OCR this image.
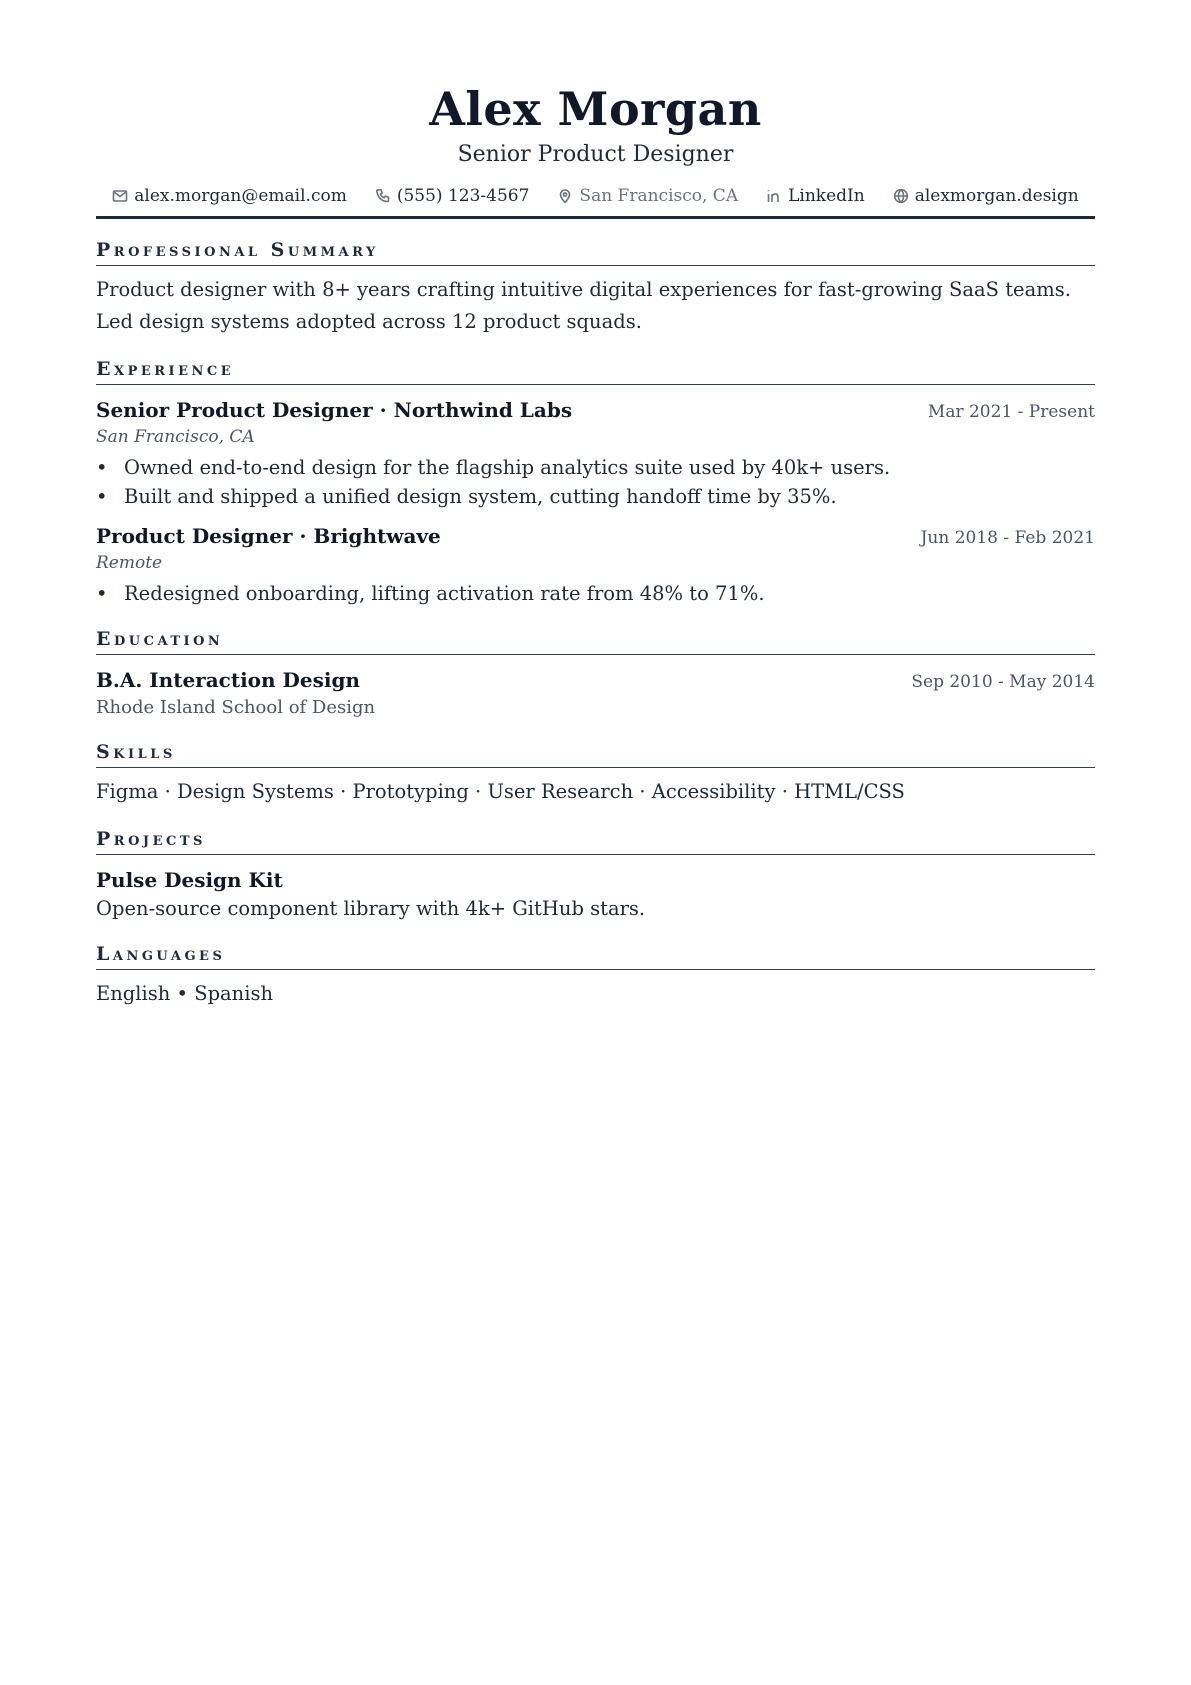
Alex Morgan
Senior Product Designer
alex.morgan@email.com	(555) 123-4567	San Francisco, CA	LinkedIn	alexmorgan.design
Professional Summary
Product designer with 8+ years crafting intuitive digital experiences for fast-growing SaaS teams. Led design systems adopted across 12 product squads.
Experience
Senior Product Designer · Northwind Labs	Mar 2021 - Present
San Francisco, CA
• Owned end-to-end design for the flagship analytics suite used by 40k+ users.
• Built and shipped a unified design system, cutting handoff time by 35%.
Product Designer · Brightwave	Jun 2018 - Feb 2021
Remote
• Redesigned onboarding, lifting activation rate from 48% to 71%.
Education
B.A. Interaction Design	Sep 2010 - May 2014
Rhode Island School of Design
Skills
Figma · Design Systems · Prototyping · User Research · Accessibility · HTML/CSS
Projects
Pulse Design Kit
Open-source component library with 4k+ GitHub stars.
Languages
English • Spanish
